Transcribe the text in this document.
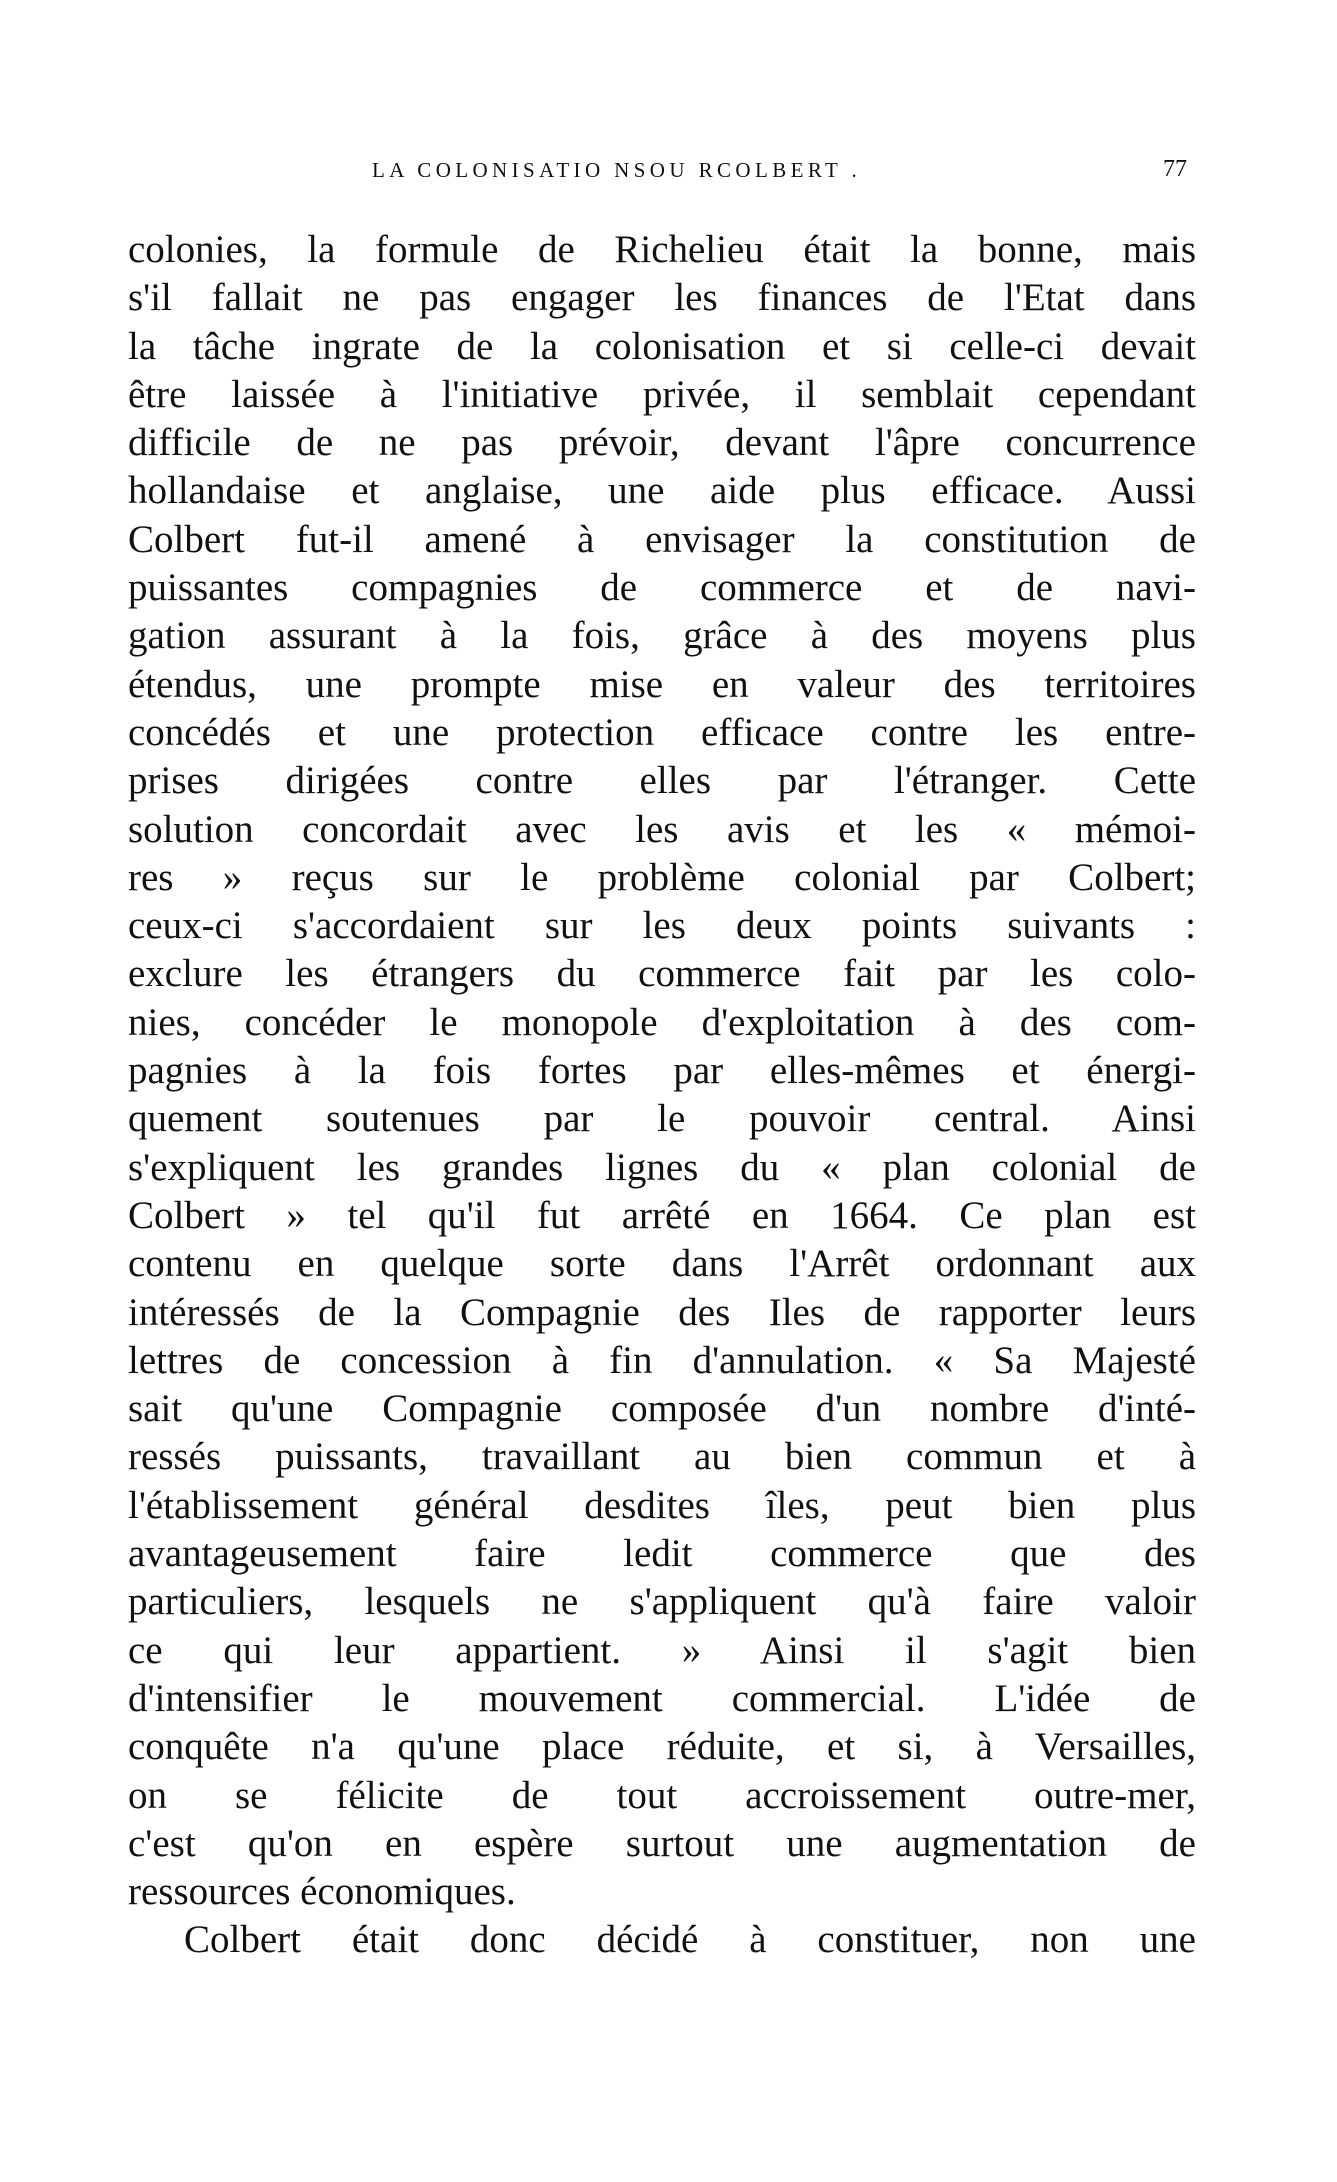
LA COLONISATIO NSOU RCOLBERT .	77
colonies, la formule de Richelieu était la bonne, mais
s'il fallait ne pas engager les finances de l'Etat dans
la tâche ingrate de la colonisation et si celle-ci devait
être laissée à l'initiative privée, il semblait cependant
difficile de ne pas prévoir, devant l'âpre concurrence
hollandaise et anglaise, une aide plus efficace. Aussi
Colbert fut-il amené à envisager la constitution de
puissantes compagnies de commerce et de navi-
gation assurant à la fois, grâce à des moyens plus
étendus, une prompte mise en valeur des territoires
concédés et une protection efficace contre les entre-
prises dirigées contre elles par l'étranger. Cette
solution concordait avec les avis et les « mémoi-
res » reçus sur le problème colonial par Colbert;
ceux-ci s'accordaient sur les deux points suivants :
exclure les étrangers du commerce fait par les colo-
nies, concéder le monopole d'exploitation à des com-
pagnies à la fois fortes par elles-mêmes et énergi-
quement soutenues par le pouvoir central. Ainsi
s'expliquent les grandes lignes du « plan colonial de
Colbert » tel qu'il fut arrêté en 1664. Ce plan est
contenu en quelque sorte dans l'Arrêt ordonnant aux
intéressés de la Compagnie des Iles de rapporter leurs
lettres de concession à fin d'annulation. « Sa Majesté
sait qu'une Compagnie composée d'un nombre d'inté-
ressés puissants, travaillant au bien commun et à
l'établissement général desdites îles, peut bien plus
avantageusement faire ledit commerce que des
particuliers, lesquels ne s'appliquent qu'à faire valoir
ce qui leur appartient. » Ainsi il s'agit bien
d'intensifier le mouvement commercial. L'idée de
conquête n'a qu'une place réduite, et si, à Versailles,
on se félicite de tout accroissement outre-mer,
c'est qu'on en espère surtout une augmentation de
ressources économiques.
Colbert était donc décidé à constituer, non une
